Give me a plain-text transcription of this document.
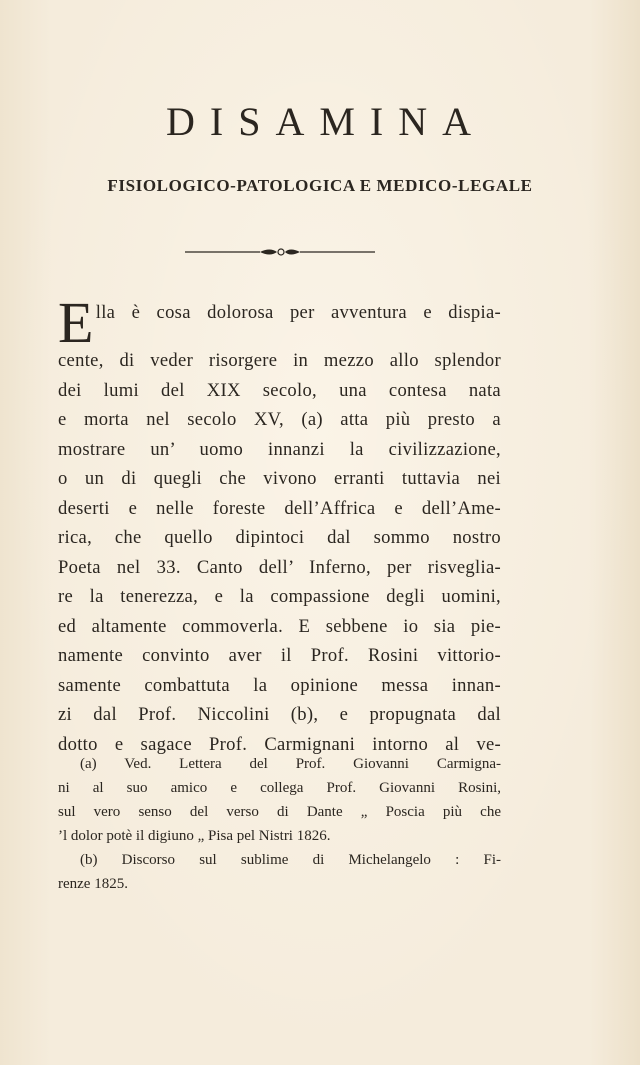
DISAMINA
FISIOLOGICO-PATOLOGICA E MEDICO-LEGALE
E lla è cosa dolorosa per avventura e dispia-
cente, di veder risorgere in mezzo allo splendor
dei lumi del XIX secolo, una contesa nata
e morta nel secolo XV, (a) atta più presto a
mostrare un’ uomo innanzi la civilizzazione,
o un di quegli che vivono erranti tuttavia nei
deserti e nelle foreste dell’Affrica e dell’Ame-
rica, che quello dipintoci dal sommo nostro
Poeta nel 33. Canto dell’ Inferno, per risveglia-
re la tenerezza, e la compassione degli uomini,
ed altamente commoverla. E sebbene io sia pie-
namente convinto aver il Prof. Rosini vittorio-
samente combattuta la opinione messa innan-
zi dal Prof. Niccolini (b), e propugnata dal
dotto e sagace Prof. Carmignani intorno al ve-
(a) Ved. Lettera del Prof. Giovanni Carmigna-
ni al suo amico e collega Prof. Giovanni Rosini,
sul vero senso del verso di Dante „ Poscia più che
’l dolor potè il digiuno „ Pisa pel Nistri 1826.
(b) Discorso sul sublime di Michelangelo : Fi-
renze 1825.
